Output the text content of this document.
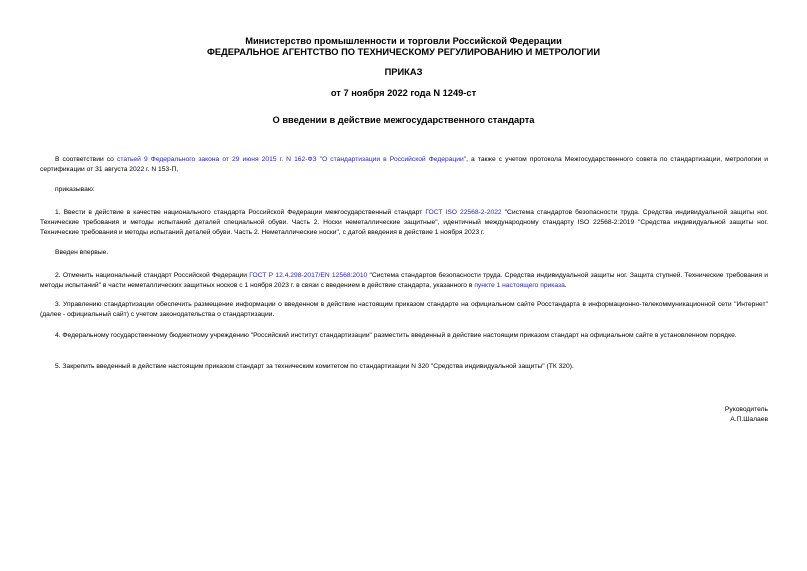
Министерство промышленности и торговли Российской Федерации
ФЕДЕРАЛЬНОЕ АГЕНТСТВО ПО ТЕХНИЧЕСКОМУ РЕГУЛИРОВАНИЮ И МЕТРОЛОГИИ
ПРИКАЗ
от 7 ноября 2022 года N 1249-ст
О введении в действие межгосударственного стандарта

В соответствии со статьей 9 Федерального закона от 29 июня 2015 г. N 162-ФЗ "О стандартизации в Российской Федерации", а также с учетом протокола Межгосударственного совета по стандартизации, метрологии и сертификации от 31 августа 2022 г. N 153-П,

приказываю:

1. Ввести в действие в качестве национального стандарта Российской Федерации межгосударственный стандарт ГОСТ ISO 22568-2-2022 "Система стандартов безопасности труда. Средства индивидуальной защиты ног. Технические требования и методы испытаний деталей специальной обуви. Часть 2. Носки неметаллические защитные", идентичный международному стандарту ISO 22568-2:2019 "Средства индивидуальной защиты ног. Технические требования и методы испытаний деталей обуви. Часть 2. Неметаллические носки", с датой введения в действие 1 ноября 2023 г.

Введен впервые.

2. Отменить национальный стандарт Российской Федерации ГОСТ Р 12.4.298-2017/EN 12568:2010 "Система стандартов безопасности труда. Средства индивидуальной защиты ног. Защита ступней. Технические требования и методы испытаний" в части неметаллических защитных носков с 1 ноября 2023 г. в связи с введением в действие стандарта, указанного в пункте 1 настоящего приказа.

3. Управлению стандартизации обеспечить размещение информации о введенном в действие настоящим приказом стандарте на официальном сайте Росстандарта в информационно-телекоммуникационной сети "Интернет" (далее - официальный сайт) с учетом законодательства о стандартизации.

4. Федеральному государственному бюджетному учреждению "Российский институт стандартизации" разместить введенный в действие настоящим приказом стандарт на официальном сайте в установленном порядке.

5. Закрепить введенный в действие настоящим приказом стандарт за техническим комитетом по стандартизации N 320 "Средства индивидуальной защиты" (ТК 320).

Руководитель
А.П.Шалаев
